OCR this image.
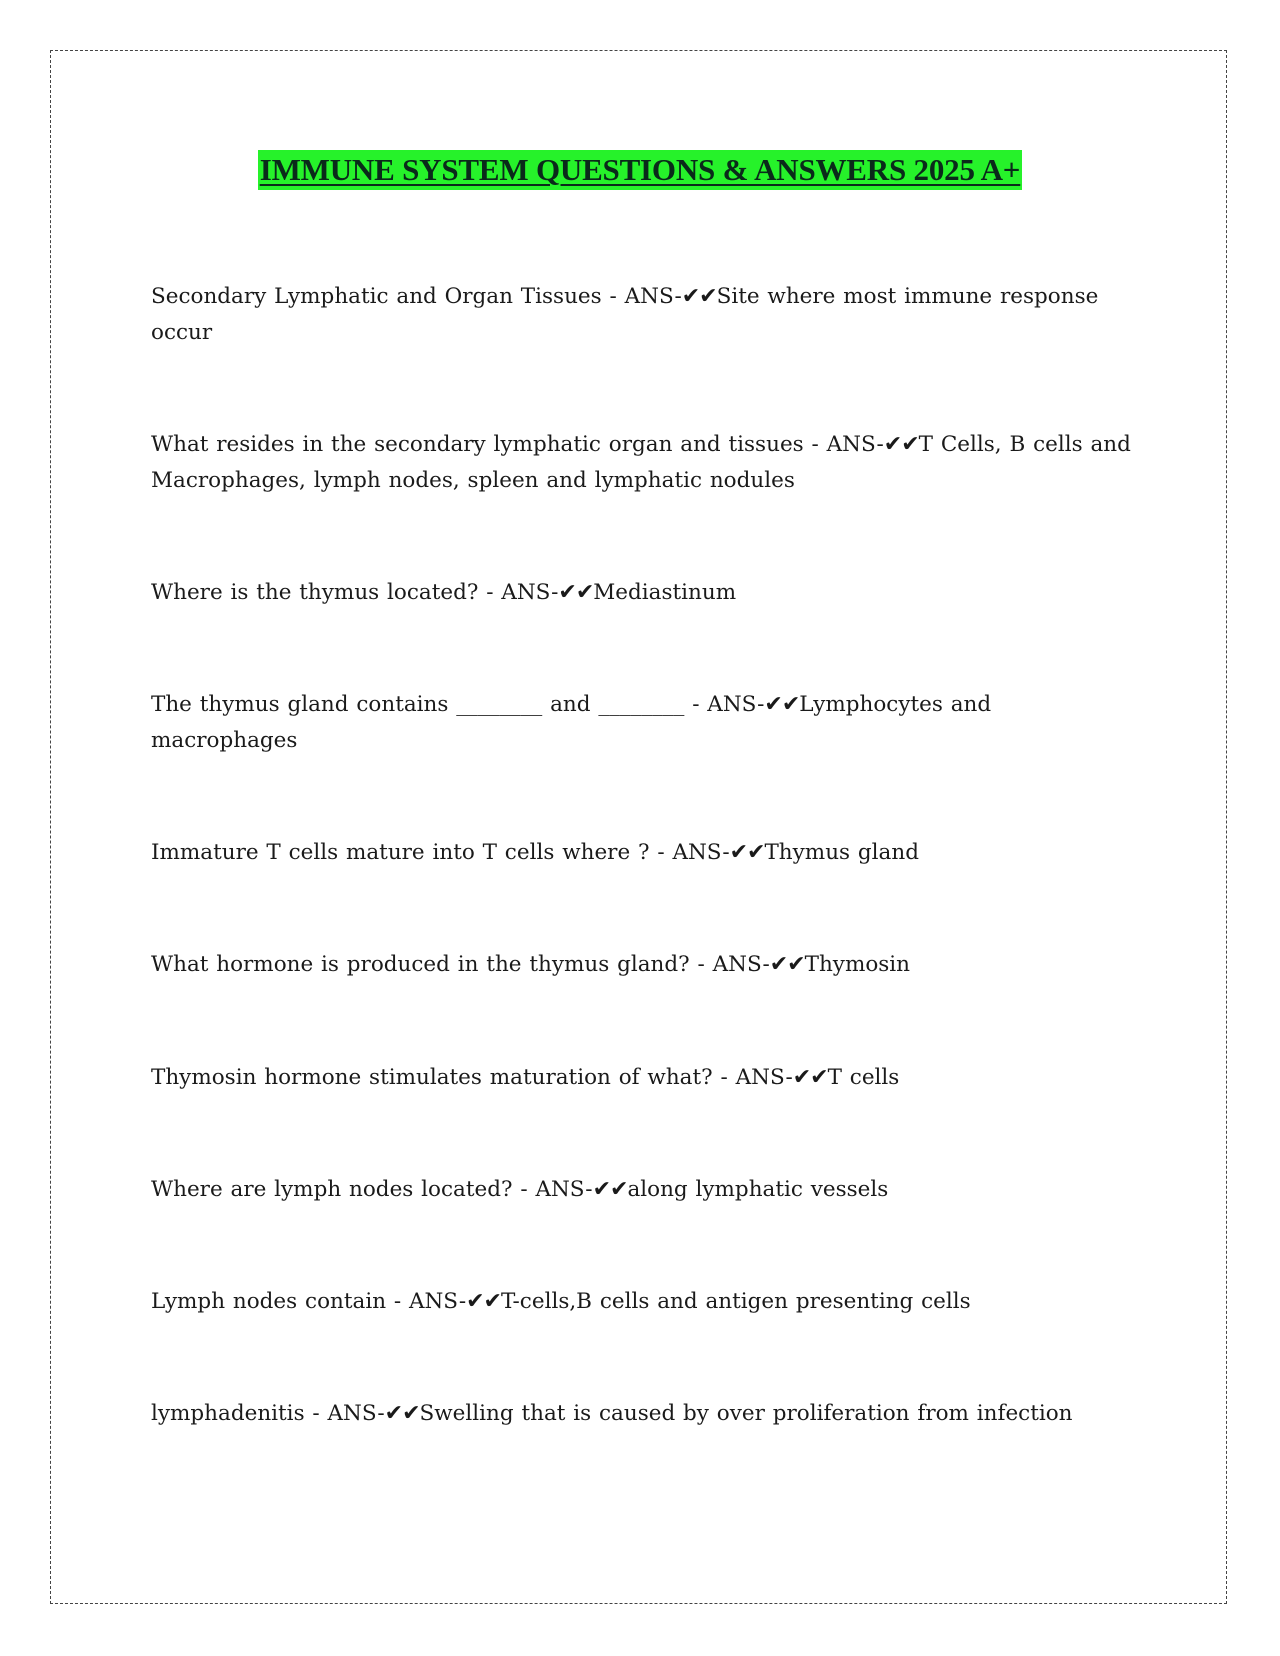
IMMUNE SYSTEM QUESTIONS & ANSWERS 2025 A+

Secondary Lymphatic and Organ Tissues - ANS-✔✔Site where most immune response occur

What resides in the secondary lymphatic organ and tissues - ANS-✔✔T Cells, B cells and Macrophages, lymph nodes, spleen and lymphatic nodules

Where is the thymus located? - ANS-✔✔Mediastinum

The thymus gland contains ________ and ________ - ANS-✔✔Lymphocytes and macrophages

Immature T cells mature into T cells where ? - ANS-✔✔Thymus gland

What hormone is produced in the thymus gland? - ANS-✔✔Thymosin

Thymosin hormone stimulates maturation of what? - ANS-✔✔T cells

Where are lymph nodes located? - ANS-✔✔along lymphatic vessels

Lymph nodes contain - ANS-✔✔T-cells,B cells and antigen presenting cells

lymphadenitis - ANS-✔✔Swelling that is caused by over proliferation from infection
